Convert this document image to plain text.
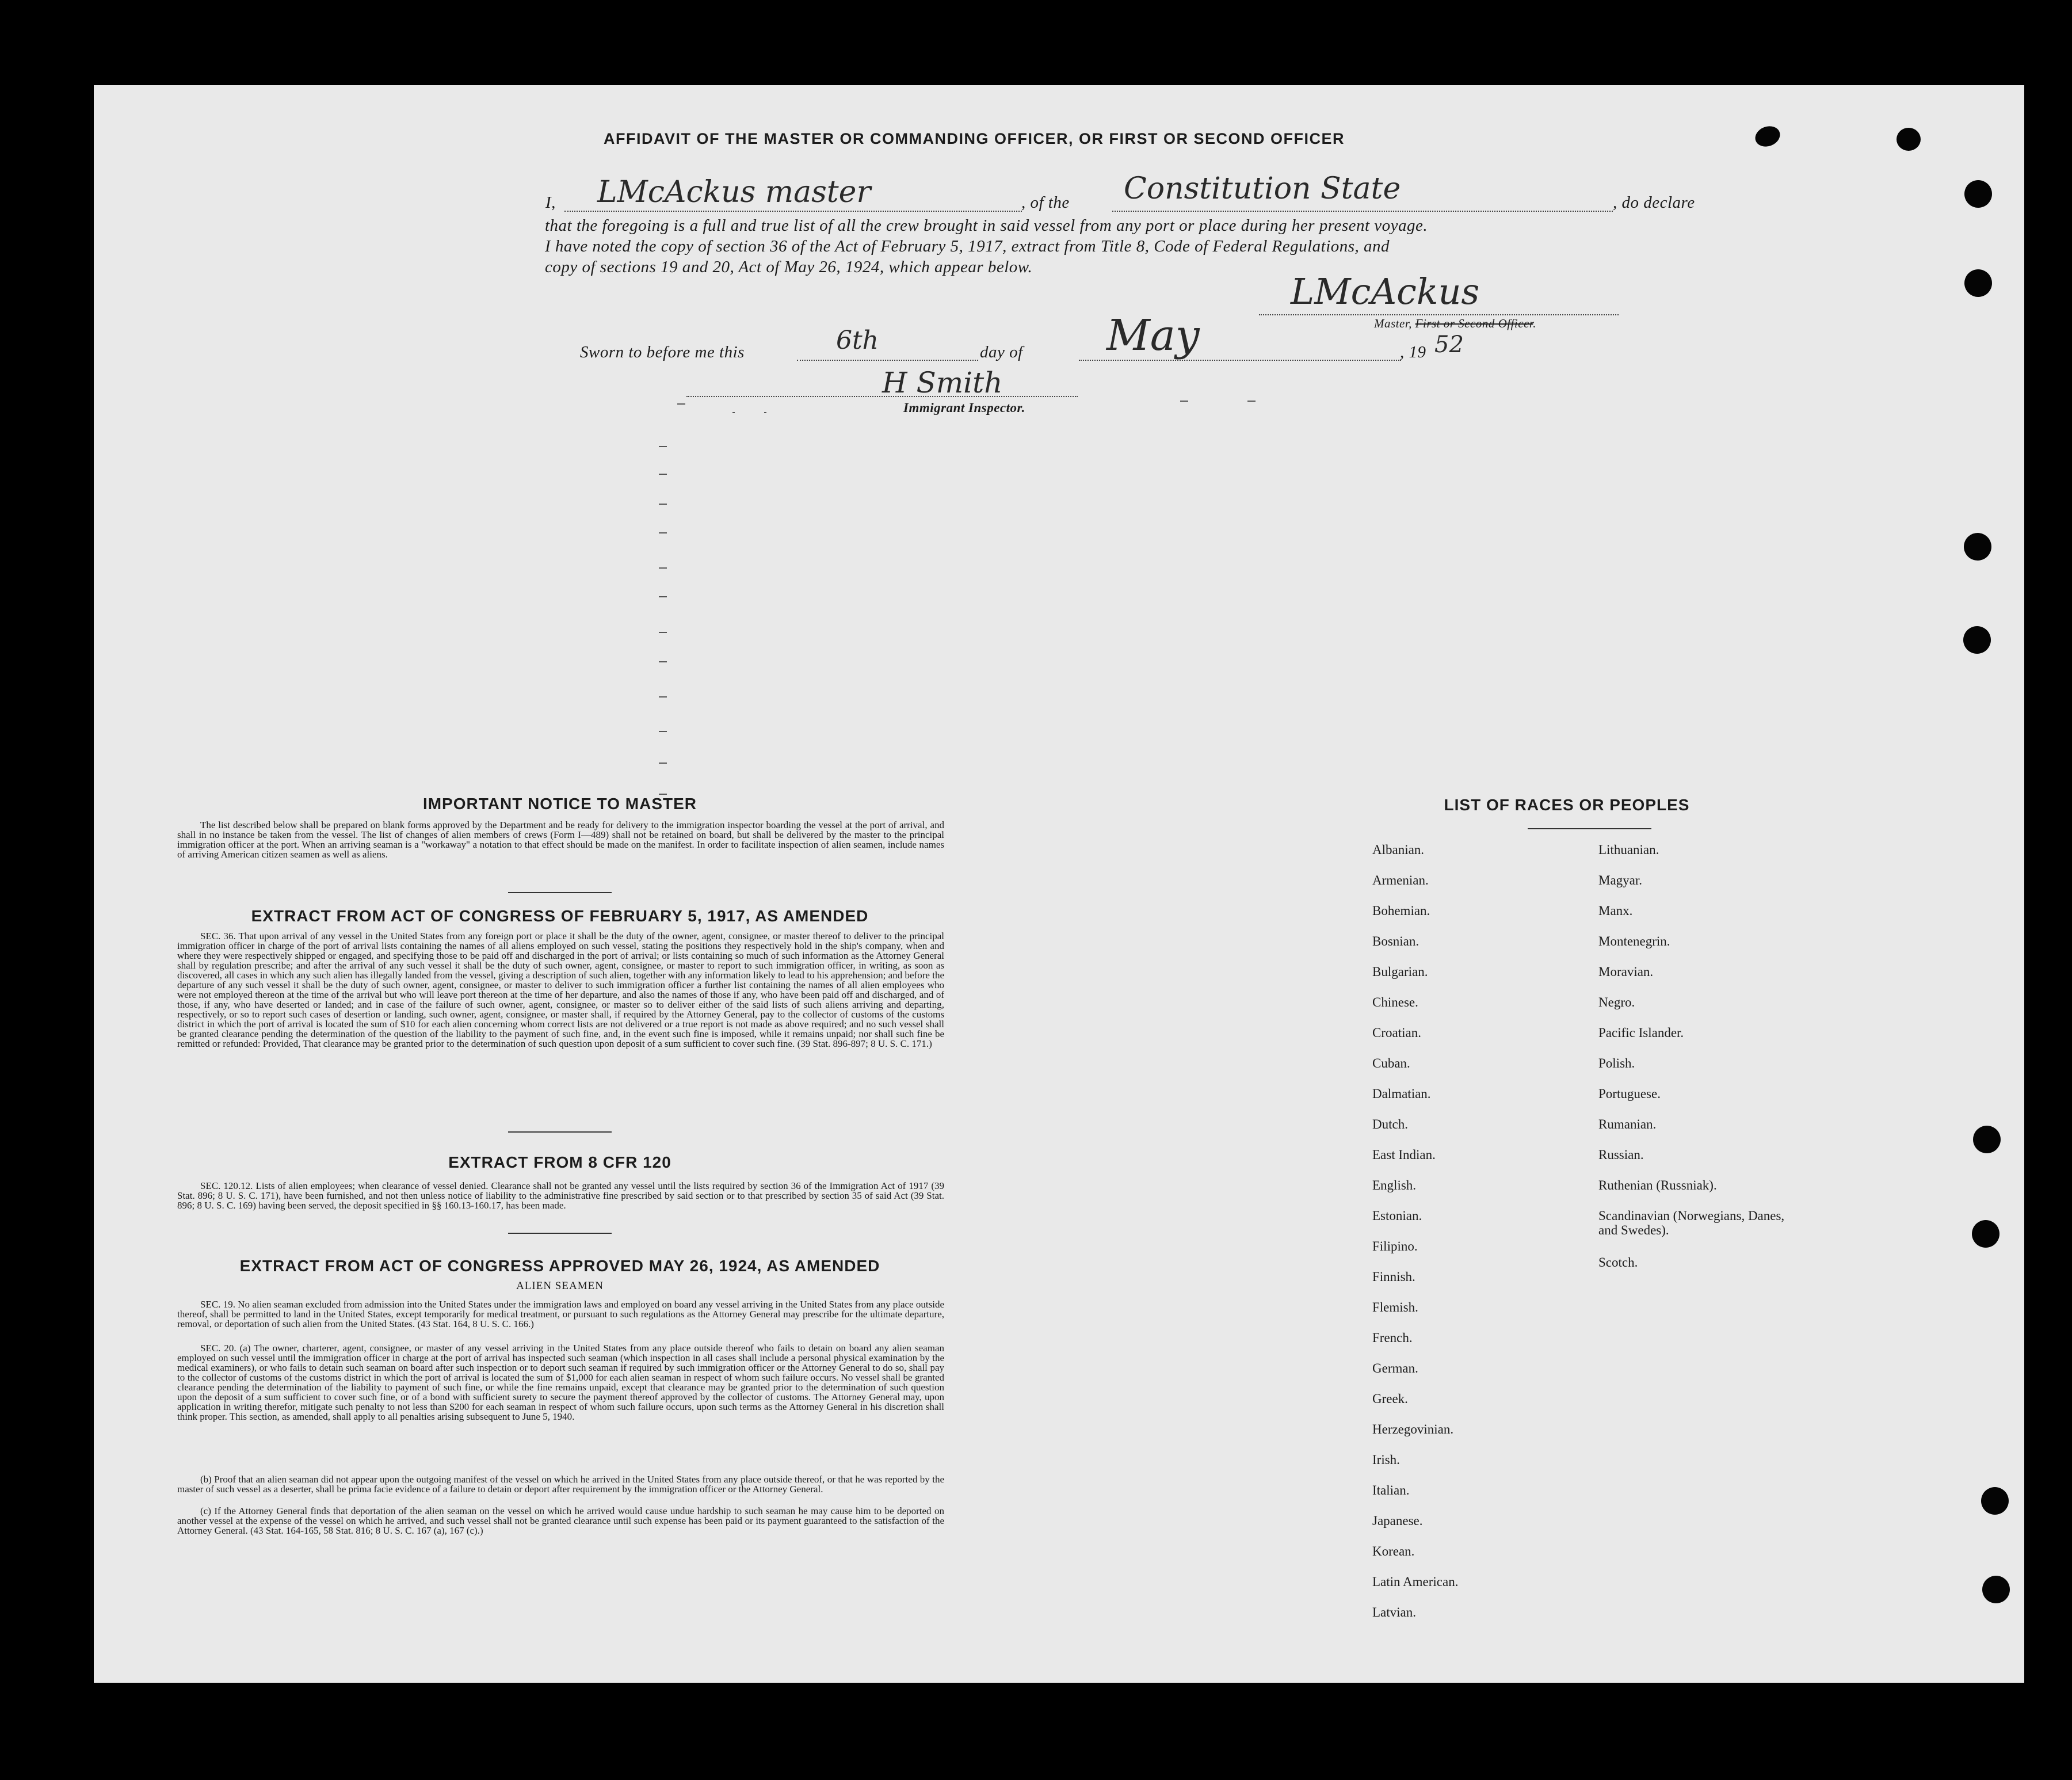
AFFIDAVIT OF THE MASTER OR COMMANDING OFFICER, OR FIRST OR SECOND OFFICER
I, LMcAckus master	, of the Constitution State	, do declare
that the foregoing is a full and true list of all the crew brought in said vessel from any port or place during her present voyage.
I have noted the copy of section 36 of the Act of February 5, 1917, extract from Title 8, Code of Federal Regulations, and
copy of sections 19 and 20, Act of May 26, 1924, which appear below.
LMcAckus
Master, First or Second Officer.
Sworn to before me this	6th	day of May	, 19 52
H Smith
Immigrant Inspector.
IMPORTANT NOTICE TO MASTER
The list described below shall be prepared on blank forms approved by the Department and be ready for delivery to the immigration inspector boarding the vessel at the port of arrival, and shall in no instance be taken from the vessel. The list of changes of alien members of crews (Form I—489) shall not be retained on board, but shall be delivered by the master to the principal immigration officer at the port. When an arriving seaman is a "workaway" a notation to that effect should be made on the manifest. In order to facilitate inspection of alien seamen, include names of arriving American citizen seamen as well as aliens.
EXTRACT FROM ACT OF CONGRESS OF FEBRUARY 5, 1917, AS AMENDED
SEC. 36. That upon arrival of any vessel in the United States from any foreign port or place it shall be the duty of the owner, agent, consignee, or master thereof to deliver to the principal immigration officer in charge of the port of arrival lists containing the names of all aliens employed on such vessel, stating the positions they respectively hold in the ship's company, when and where they were respectively shipped or engaged, and specifying those to be paid off and discharged in the port of arrival; or lists containing so much of such information as the Attorney General shall by regulation prescribe; and after the arrival of any such vessel it shall be the duty of such owner, agent, consignee, or master to report to such immigration officer, in writing, as soon as discovered, all cases in which any such alien has illegally landed from the vessel, giving a description of such alien, together with any information likely to lead to his apprehension; and before the departure of any such vessel it shall be the duty of such owner, agent, consignee, or master to deliver to such immigration officer a further list containing the names of all alien employees who were not employed thereon at the time of the arrival but who will leave port thereon at the time of her departure, and also the names of those if any, who have been paid off and discharged, and of those, if any, who have deserted or landed; and in case of the failure of such owner, agent, consignee, or master so to deliver either of the said lists of such aliens arriving and departing, respectively, or so to report such cases of desertion or landing, such owner, agent, consignee, or master shall, if required by the Attorney General, pay to the collector of customs of the customs district in which the port of arrival is located the sum of $10 for each alien concerning whom correct lists are not delivered or a true report is not made as above required; and no such vessel shall be granted clearance pending the determination of the question of the liability to the payment of such fine, and, in the event such fine is imposed, while it remains unpaid; nor shall such fine be remitted or refunded: Provided, That clearance may be granted prior to the determination of such question upon deposit of a sum sufficient to cover such fine. (39 Stat. 896-897; 8 U. S. C. 171.)
EXTRACT FROM 8 CFR 120
SEC. 120.12. Lists of alien employees; when clearance of vessel denied. Clearance shall not be granted any vessel until the lists required by section 36 of the Immigration Act of 1917 (39 Stat. 896; 8 U. S. C. 171), have been furnished, and not then unless notice of liability to the administrative fine prescribed by said section or to that prescribed by section 35 of said Act (39 Stat. 896; 8 U. S. C. 169) having been served, the deposit specified in §§ 160.13-160.17, has been made.
EXTRACT FROM ACT OF CONGRESS APPROVED MAY 26, 1924, AS AMENDED
ALIEN SEAMEN
SEC. 19. No alien seaman excluded from admission into the United States under the immigration laws and employed on board any vessel arriving in the United States from any place outside thereof, shall be permitted to land in the United States, except temporarily for medical treatment, or pursuant to such regulations as the Attorney General may prescribe for the ultimate departure, removal, or deportation of such alien from the United States. (43 Stat. 164, 8 U. S. C. 166.)
SEC. 20. (a) The owner, charterer, agent, consignee, or master of any vessel arriving in the United States from any place outside thereof who fails to detain on board any alien seaman employed on such vessel until the immigration officer in charge at the port of arrival has inspected such seaman (which inspection in all cases shall include a personal physical examination by the medical examiners), or who fails to detain such seaman on board after such inspection or to deport such seaman if required by such immigration officer or the Attorney General to do so, shall pay to the collector of customs of the customs district in which the port of arrival is located the sum of $1,000 for each alien seaman in respect of whom such failure occurs. No vessel shall be granted clearance pending the determination of the liability to payment of such fine, or while the fine remains unpaid, except that clearance may be granted prior to the determination of such question upon the deposit of a sum sufficient to cover such fine, or of a bond with sufficient surety to secure the payment thereof approved by the collector of customs. The Attorney General may, upon application in writing therefor, mitigate such penalty to not less than $200 for each seaman in respect of whom such failure occurs, upon such terms as the Attorney General in his discretion shall think proper. This section, as amended, shall apply to all penalties arising subsequent to June 5, 1940.
(b) Proof that an alien seaman did not appear upon the outgoing manifest of the vessel on which he arrived in the United States from any place outside thereof, or that he was reported by the master of such vessel as a deserter, shall be prima facie evidence of a failure to detain or deport after requirement by the immigration officer or the Attorney General.
(c) If the Attorney General finds that deportation of the alien seaman on the vessel on which he arrived would cause undue hardship to such seaman he may cause him to be deported on another vessel at the expense of the vessel on which he arrived, and such vessel shall not be granted clearance until such expense has been paid or its payment guaranteed to the satisfaction of the Attorney General. (43 Stat. 164-165, 58 Stat. 816; 8 U. S. C. 167 (a), 167 (c).)
LIST OF RACES OR PEOPLES
Albanian.
Armenian.
Bohemian.
Bosnian.
Bulgarian.
Chinese.
Croatian.
Cuban.
Dalmatian.
Dutch.
East Indian.
English.
Estonian.
Filipino.
Finnish.
Flemish.
French.
German.
Greek.
Herzegovinian.
Irish.
Italian.
Japanese.
Korean.
Latin American.
Latvian.
Lithuanian.
Magyar.
Manx.
Montenegrin.
Moravian.
Negro.
Pacific Islander.
Polish.
Portuguese.
Rumanian.
Russian.
Ruthenian (Russniak).
Scandinavian (Norwegians, Danes, and Swedes).
Scotch.
